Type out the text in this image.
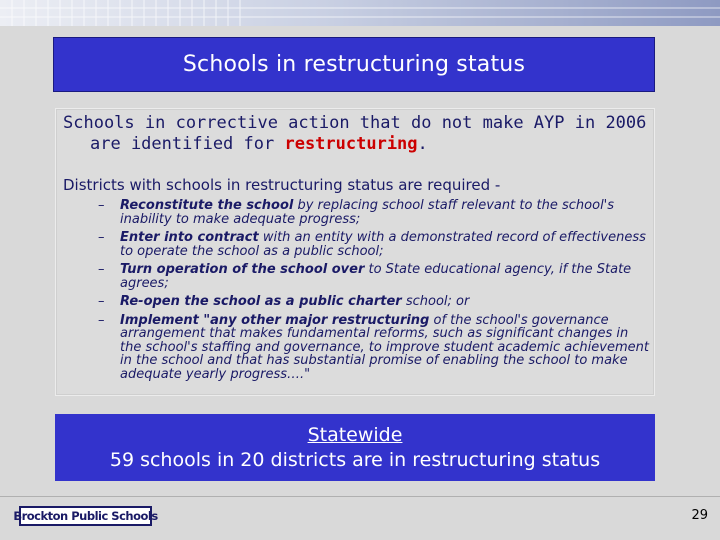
Schools in restructuring status
Schools in corrective action that do not make AYP in 2006
are identified for restructuring.
Districts with schools in restructuring status are required -
– Reconstitute the school by replacing school staff relevant to the school's inability to make adequate progress;
– Enter into contract with an entity with a demonstrated record of effectiveness to operate the school as a public school;
– Turn operation of the school over to State educational agency, if the State agrees;
– Re-open the school as a public charter school; or
– Implement "any other major restructuring of the school's governance arrangement that makes fundamental reforms, such as significant changes in the school's staffing and governance, to improve student academic achievement in the school and that has substantial promise of enabling the school to make adequate yearly progress…."
Statewide
59 schools in 20 districts are in restructuring status
Brockton Public Schools	29
